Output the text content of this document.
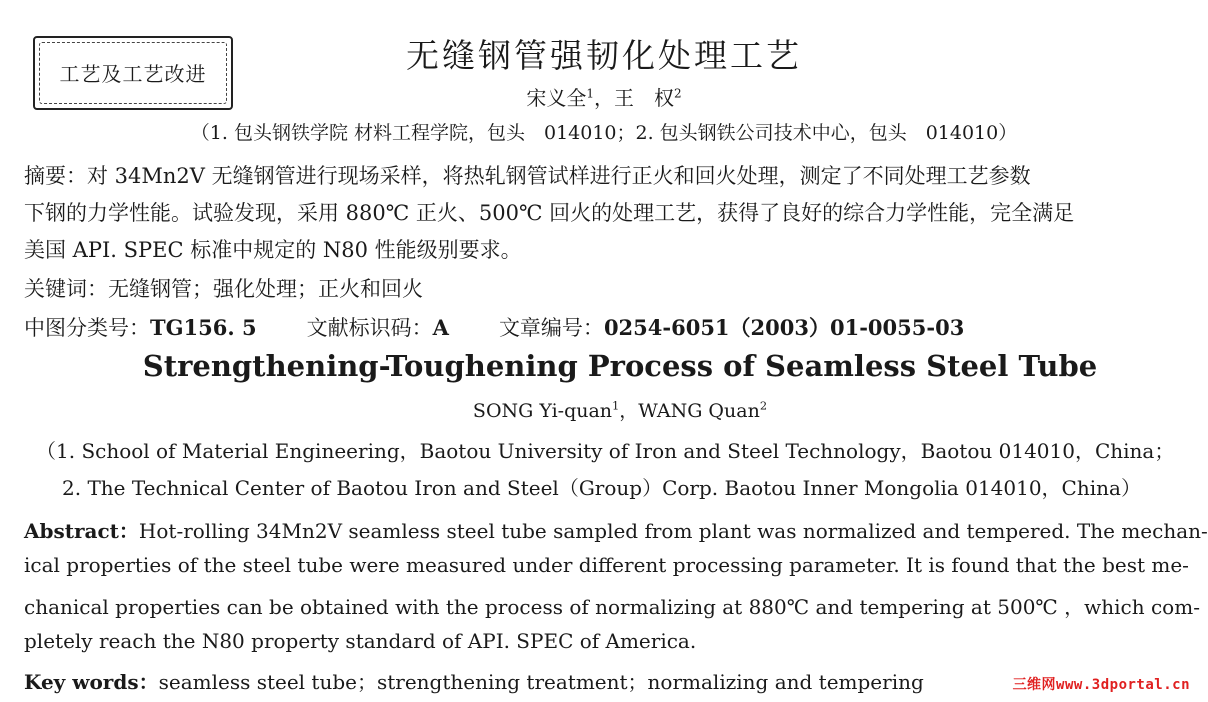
工艺及工艺改进	无缝钢管强韧化处理工艺
宋义全$^1$，王　权$^2$
（1. 包头钢铁学院 材料工程学院，包头　014010；2. 包头钢铁公司技术中心，包头　014010）
摘要：对 34Mn2V 无缝钢管进行现场采样，将热轧钢管试样进行正火和回火处理，测定了不同处理工艺参数
下钢的力学性能。试验发现，采用 880℃ 正火、500℃ 回火的处理工艺，获得了良好的综合力学性能，完全满足
美国 API. SPEC 标准中规定的 N80 性能级别要求。
关键词：无缝钢管；强化处理；正火和回火
中图分类号：TG156. 5 文献标识码：A 文章编号：0254-6051（2003）01-0055-03
Strengthening-Toughening Process of Seamless Steel Tube
SONG Yi-quan$^1$，WANG Quan$^2$
（1. School of Material Engineering，Baotou University of Iron and Steel Technology，Baotou 014010，China；
2. The Technical Center of Baotou Iron and Steel（Group）Corp. Baotou Inner Mongolia 014010，China）
Abstract：Hot-rolling 34Mn2V seamless steel tube sampled from plant was normalized and tempered. The mechan-
ical properties of the steel tube were measured under different processing parameter. It is found that the best me-
chanical properties can be obtained with the process of normalizing at 880℃ and tempering at 500℃ ，which com-
pletely reach the N80 property standard of API. SPEC of America.
Key words：seamless steel tube；strengthening treatment；normalizing and tempering	三维网www.3dportal.cn
